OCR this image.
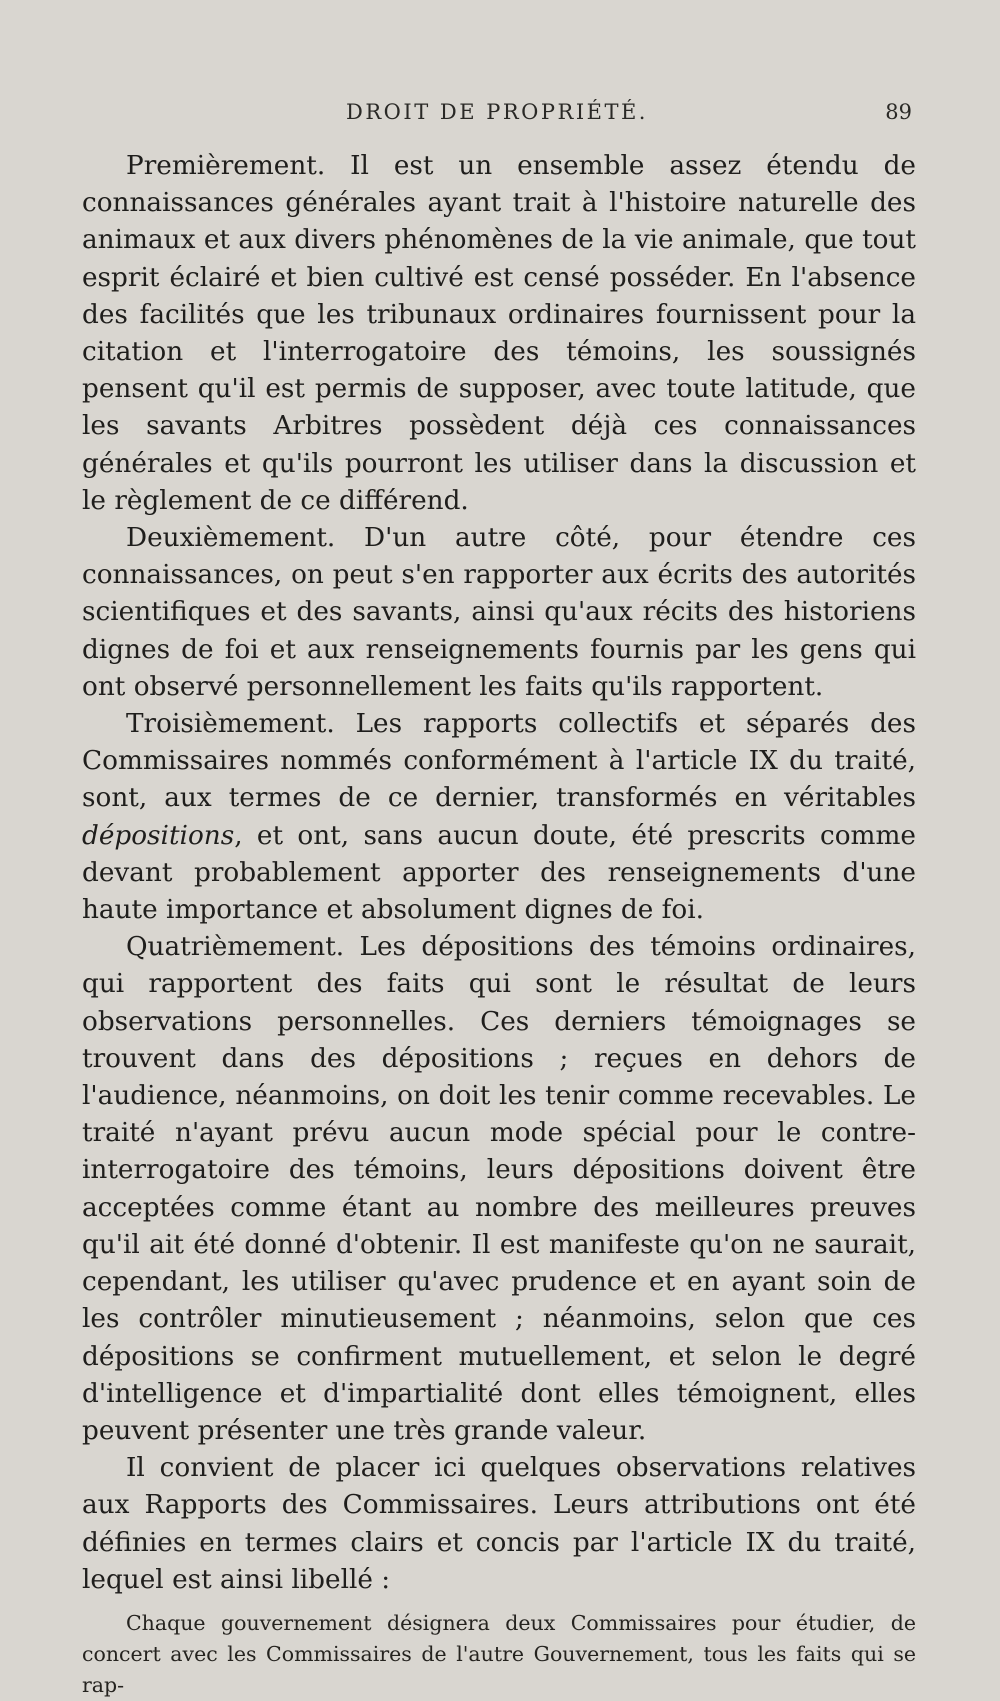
DROIT DE PROPRIÉTÉ.	89

Premièrement. Il est un ensemble assez étendu de connaissances générales ayant trait à l'histoire naturelle des animaux et aux divers phénomènes de la vie animale, que tout esprit éclairé et bien cultivé est censé posséder. En l'absence des facilités que les tribunaux ordinaires fournissent pour la citation et l'interrogatoire des témoins, les soussignés pensent qu'il est permis de supposer, avec toute latitude, que les savants Arbitres possèdent déjà ces connaissances générales et qu'ils pourront les utiliser dans la discussion et le règlement de ce différend.

Deuxièmement. D'un autre côté, pour étendre ces connaissances, on peut s'en rapporter aux écrits des autorités scientifiques et des savants, ainsi qu'aux récits des historiens dignes de foi et aux renseignements fournis par les gens qui ont observé personnellement les faits qu'ils rapportent.

Troisièmement. Les rapports collectifs et séparés des Commissaires nommés conformément à l'article IX du traité, sont, aux termes de ce dernier, transformés en véritables dépositions, et ont, sans aucun doute, été prescrits comme devant probablement apporter des renseignements d'une haute importance et absolument dignes de foi.

Quatrièmement. Les dépositions des témoins ordinaires, qui rapportent des faits qui sont le résultat de leurs observations personnelles. Ces derniers témoignages se trouvent dans des dépositions ; reçues en dehors de l'audience, néanmoins, on doit les tenir comme recevables. Le traité n'ayant prévu aucun mode spécial pour le contre-interrogatoire des témoins, leurs dépositions doivent être acceptées comme étant au nombre des meilleures preuves qu'il ait été donné d'obtenir. Il est manifeste qu'on ne saurait, cependant, les utiliser qu'avec prudence et en ayant soin de les contrôler minutieusement ; néanmoins, selon que ces dépositions se confirment mutuellement, et selon le degré d'intelligence et d'impartialité dont elles témoignent, elles peuvent présenter une très grande valeur.

Il convient de placer ici quelques observations relatives aux Rapports des Commissaires. Leurs attributions ont été définies en termes clairs et concis par l'article IX du traité, lequel est ainsi libellé :

Chaque gouvernement désignera deux Commissaires pour étudier, de concert avec les Commissaires de l'autre Gouvernement, tous les faits qui se rap-
